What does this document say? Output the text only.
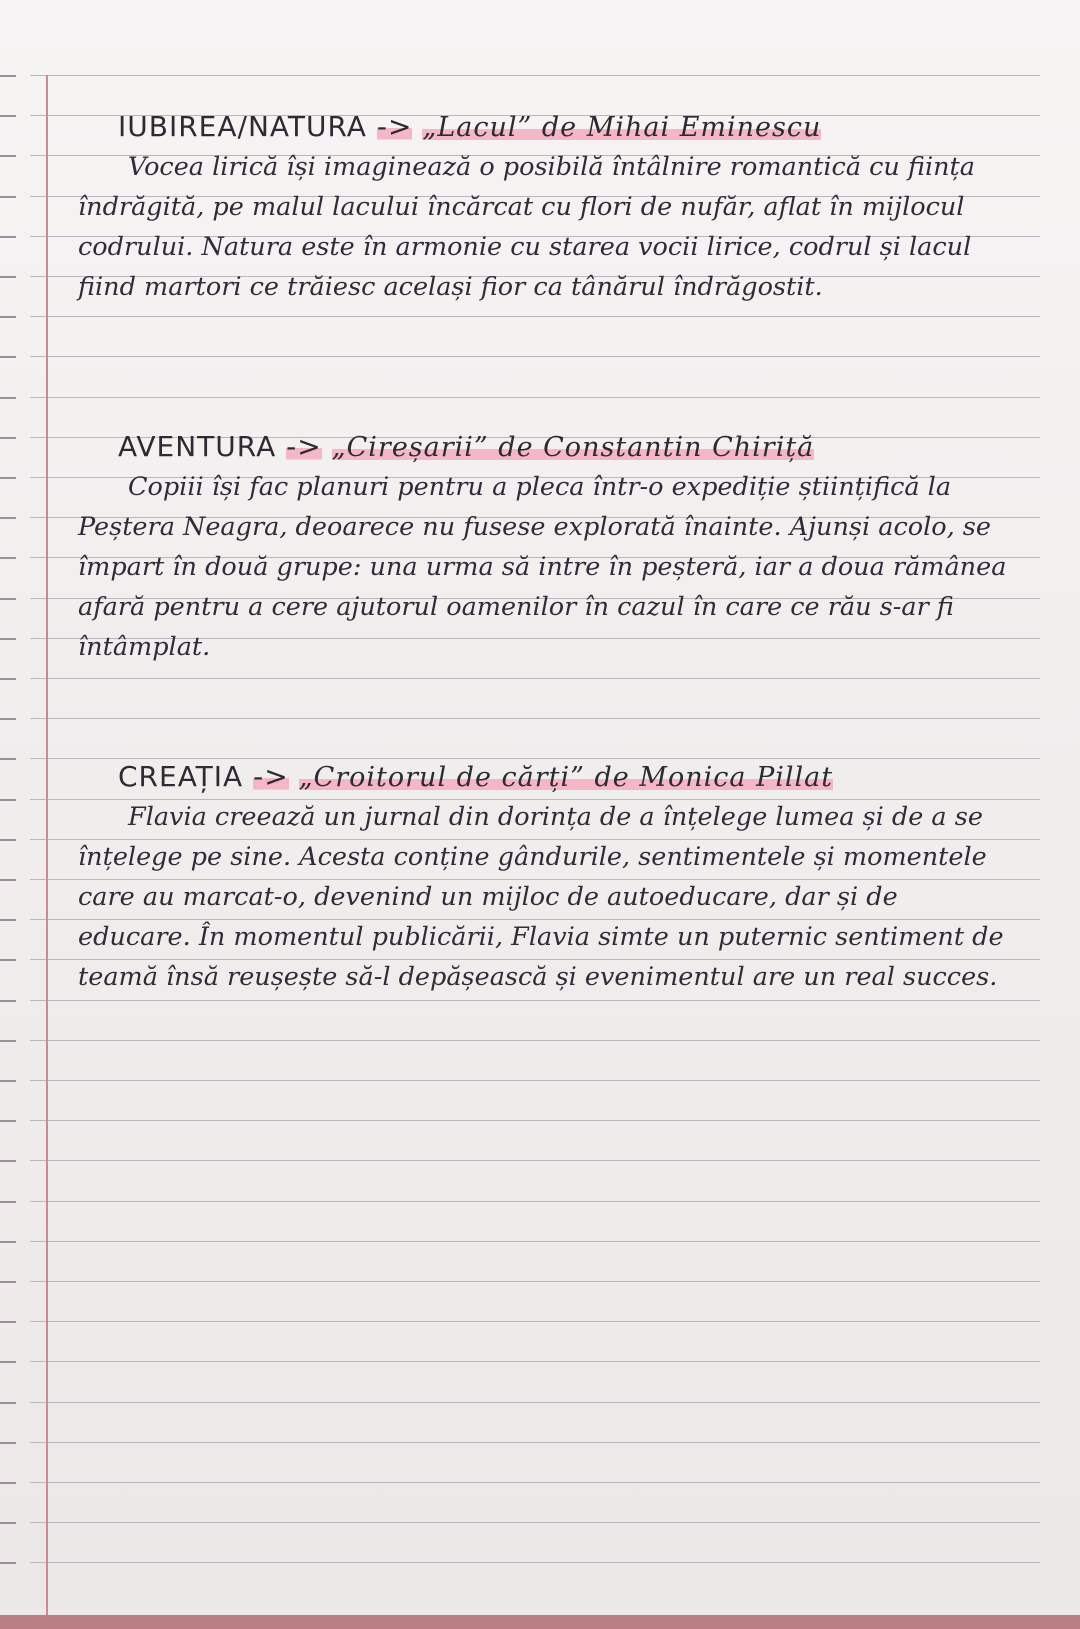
IUBIREA/NATURA -> „Lacul” de Mihai Eminescu

Vocea lirică își imaginează o posibilă întâlnire romantică cu ființa îndrăgită, pe malul lacului încărcat cu flori de nufăr, aflat în mijlocul codrului. Natura este în armonie cu starea vocii lirice, codrul și lacul fiind martori ce trăiesc același fior ca tânărul îndrăgostit.

AVENTURA -> „Cireșarii” de Constantin Chiriță

Copiii își fac planuri pentru a pleca într-o expediție științifică la Peștera Neagra, deoarece nu fusese explorată înainte. Ajunși acolo, se împart în două grupe: una urma să intre în peșteră, iar a doua rămânea afară pentru a cere ajutorul oamenilor în cazul în care ce rău s-ar fi întâmplat.

CREAȚIA -> „Croitorul de cărți” de Monica Pillat

Flavia creează un jurnal din dorința de a înțelege lumea și de a se înțelege pe sine. Acesta conține gândurile, sentimentele și momentele care au marcat-o, devenind un mijloc de autoeducare, dar și de educare. În momentul publicării, Flavia simte un puternic sentiment de teamă însă reușește să-l depășească și evenimentul are un real succes.
